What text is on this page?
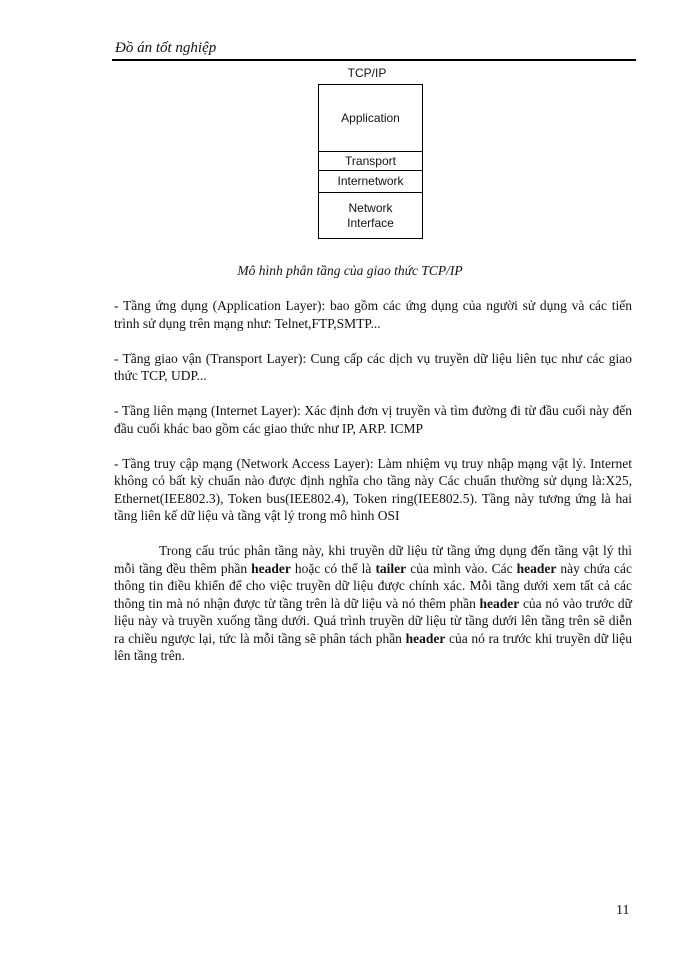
Đồ án tốt nghiệp
TCP/IP
Application
Transport
Internetwork
Network
Interface
Mô hình phân tầng của giao thức TCP/IP

- Tầng ứng dụng (Application Layer): bao gồm các ứng dụng của người sử dụng và các tiến trình sử dụng trên mạng như: Telnet,FTP,SMTP...

- Tầng giao vận (Transport Layer): Cung cấp các dịch vụ truyền dữ liệu liên tục như các giao thức TCP, UDP...

- Tầng liên mạng (Internet Layer): Xác định đơn vị truyền và tìm đường đi từ đầu cuối này đến đầu cuối khác bao gồm các giao thức như IP, ARP. ICMP

- Tầng truy cập mạng (Network Access Layer): Làm nhiệm vụ truy nhập mạng vật lý. Internet không có bất kỳ chuẩn nào được định nghĩa cho tầng này Các chuẩn thường sử dụng là:X25, Ethernet(IEE802.3), Token bus(IEE802.4), Token ring(IEE802.5). Tầng này tương ứng là hai tầng liên kế dữ liệu và tầng vật lý trong mô hình OSI

Trong cấu trúc phân tầng này, khi truyền dữ liệu từ tầng ứng dụng đến tầng vật lý thì mỗi tầng đều thêm phần header hoặc có thể là tailer của mình vào. Các header này chứa các thông tin điều khiển để cho việc truyền dữ liệu được chính xác. Mỗi tầng dưới xem tất cả các thông tin mà nó nhận được từ tầng trên là dữ liệu và nó thêm phần header của nó vào trước dữ liệu này và truyền xuống tầng dưới. Quá trình truyền dữ liệu từ tầng dưới lên tầng trên sẽ diễn ra chiều ngược lại, tức là mỗi tầng sẽ phân tách phần header của nó ra trước khi truyền dữ liệu lên tầng trên.

11
